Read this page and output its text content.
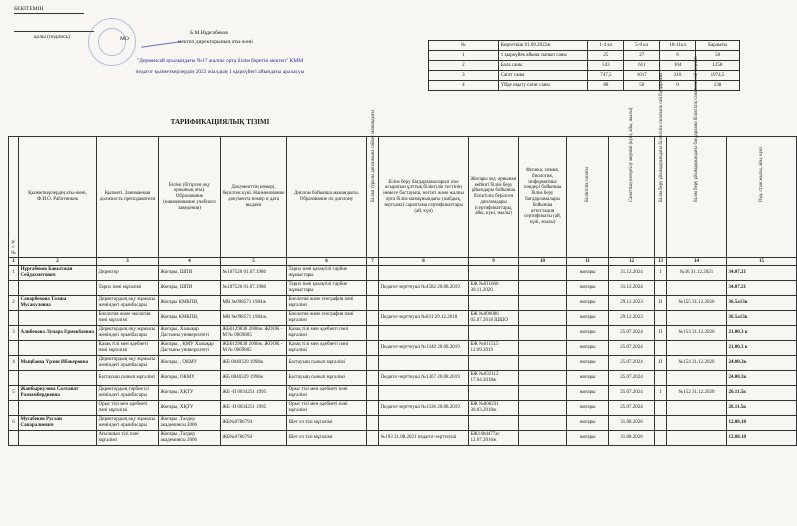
БЕКІТЕМІН
қолы (подпись)	МО
Б.М.Нұрғабеков
мектеп директорының аты-жөні
"Дерменсай ауылындағы №17 жалпы орта білім беретін мектеп" КММ
педагог қызметкерлердің 2022 жылдың 1 қыркүйегі айындағы араласуы
ТАРИФИКАЦИЯЛЫҚ ТІЗІМІ
№	Көрсеткіш 01.09.2022ж	1-4 кл	5-9 кл	10-11кл	Барлығы
1	1 қыркүйек айына сынып саны	25	27	6	58
2	Бала саны	543	611	104	1258
3	Сағат саны	747,5	1017	210	1974,5
4	Үйде оқыту сағат саны	88	50	0	138
р/с №	Қызметкерлердің аты-жөні, Ф.И.О. Работников	Қызметі. Занимаемая должность преподаватели	Білімі (бітірген оқу орнының аты). Образование (наименование учебного заведения)	Документтің нөмері, берілген күні. Наименование документа номер и дата выдачи	Диплом бойынша мамандығы. Образование по диплому	Білімі туралы дипломына сәйкес мамандығы	Білім беру бағдарламаларын іске асыратын ұлттық біліктілік тестінің немесе бастауыш, негізгі және жалпы орта білім мазмұнындағы (жабдық, зертхана) сараптама сертификаттары (ай, күн)	Жоғары оқу орнынан кейінгі білім беру ұйымдары бойынша біліктілік берілген дипломдары (сертификаттары, айы, күні, жылы)	Физика, химия, биология, информатика пәндері бойынша білім беру бағдарламалары бойынша аттестация сертификаты (ай, күні, жылы)	Біліктілік санаты	Санаттың өзгертілу мерзімі (күні, айы, жылы)	Білім беру ұйымдарындағы біліктілік санатына сай бағдарлама	Білім беру ұйымдарындағы бағдарлама біліктілік санатына сай мерзімі	Пед. стаж жылы, айы, күні

1	2	3	4	5	6	7	8	9	10	11	12	13	14	15
1	Нұрғабеков Бакытжан Сейдахметович	Директор	Жоғары, ШПИ	№107526 01.07.1986	Тарих пәні қазақтілі тарбие жұмыстары					жоғары	31.12.2024	I	№36 31.12.2021	34.07.21
		Тарих пәні мұғалімі	Жоғары, ШПИ	№107526 01.07.1986	Тарих пәні қазақтілі тарбие жұмыстары		Педагог-зерттеуші №4582 20.08.2019	БЖ №011666 30.11.2020		жоғары	31.12.2024			34.07.21
2	Сапарбекова Талша Мусакуловна	Директордың оқу жұмысы жөніндегі орынбасары	Жоғары КМКПИ,	МВ №098571 1984ж	Биология және география пәні мұғалімі					жоғары	29.12.2023	II	№155 31.12.2020	36.5а13к
		Биология және экология пәні мұғалімі	Жоғары КМКПИ,	МВ №098571 1984ж.	Биология және география пәні мұғалімі		Педагог-зерттеуші №831 29.12.2018	БЖ №000086 05.07.2018 ШШО		жоғары	29.12.2023			36.5а13к
3	Алибекова Лунара Ермекбаевна	Директордың оқу жұмысы жөніндегі орынбасары	Жоғары, Халықар Дастыны университеті	ЖБ0129838 2008ж. ЖООК - М № 0069805	Қазақ тілі мен әдебиеті пәні мұғалімі					жоғары	25.07.2024	II	№153 31.12.2020	21.00.3 к
		Қазақ тілі мен әдебиеті пәні мұғалімі	Жоғары, , ҚМУ Халықар Дастыны университеті	ЖБ0129838 2008ж. ЖООК - М № 0069805	Қазақ тілі мен әдебиеті пәні мұғалімі		Педагог-зерттеуші №1340 20.08.2019	БЖ №011515 12.09.2019		жоғары	25.07.2024			21.00.3 к
4	Мыңбаева Үрзия Ибакеровна	Директордың оқу жұмысы жөніндегі орынбасары	Жоғары, , ОКМУ	ЖБ 0040329 1998ж	Бастауыш сынып мұғалімі					жоғары	25.07.2024	II	№154 31.12.2020	24.00.3к
		Бастауыш сынып мұғалімі	Жоғары, ОКМУ	ЖБ 0040329 1998ж	Бастауыш сынып мұғалімі		Педагог-зерттеуші №1367 20.08.2019	БЖ №032112 17.04.2018ж		жоғары	25.07.2024			24.00.3к
5	Жанбыркулова Салтанат Разиамбердиевна	Директордың тәрбие ісі жөніндегі орынбасары	Жоғары, ХҚТУ	ЖБ -II 0034251 1995	Орыс тілі мен әдебиеті пәні мұғалімі					жоғары	25.07.2024	I	№152 31.12.2020	26.11.5к
		Орыс тілі мен әдебиеті пәні мұғалімі	Жоғары, ХҚТУ	ЖБ -II 0034251 1995	Орыс тілі мен әдебиеті пәні мұғалімі		Педагог-зерттеуші №1336 20.08.2019	БЖ №006231 30.03.2018ж		жоғары	25.07.2024			26.11.5к
6	Мусабеков Руслан Сапаралиевич	Директордың оқу жұмысы жөніндегі орынбасары	Жоғары ,Тәлдер академиясы 2006	ЖБ№0786794	Шет ел тілі мұғалімі					жоғары	31.08.2026			12.08.18
		Ағылшын тілі пәні мұғалімі	Жоғары ,Тәлдер академиясы 2006	ЖБ№0786794	Шет ел тілі мұғалімі		№193 31.08.2021 педагог-зерттеуші	БЖ14bd477ас 12.07.2016ж		жоғары	31.08.2026			12.08.18
